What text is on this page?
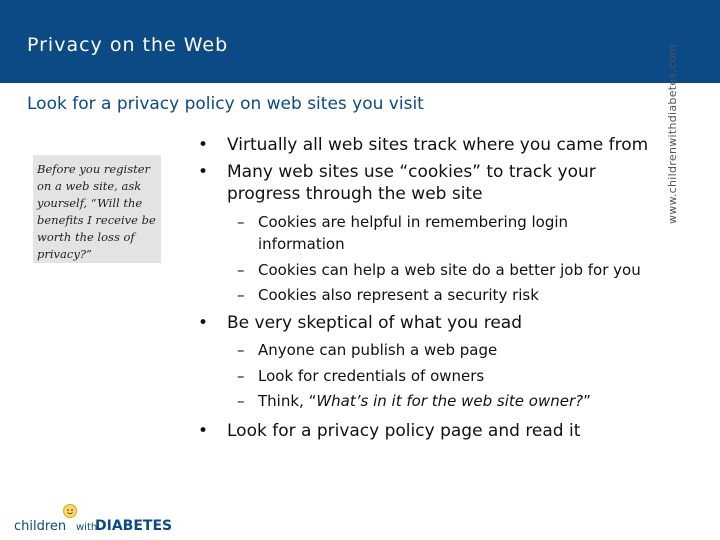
Privacy on the Web
Look for a privacy policy on web sites you visit
Before you register
on a web site, ask
yourself, “Will the
benefits I receive be
worth the loss of
privacy?”
• Virtually all web sites track where you came from
• Many web sites use “cookies” to track your
progress through the web site
– Cookies are helpful in remembering login
information
– Cookies can help a web site do a better job for you
– Cookies also represent a security risk
• Be very skeptical of what you read
– Anyone can publish a web page
– Look for credentials of owners
– Think, “What’s in it for the web site owner?”
• Look for a privacy policy page and read it
www.childrenwithdiabetes.com
children with
DIABETES
